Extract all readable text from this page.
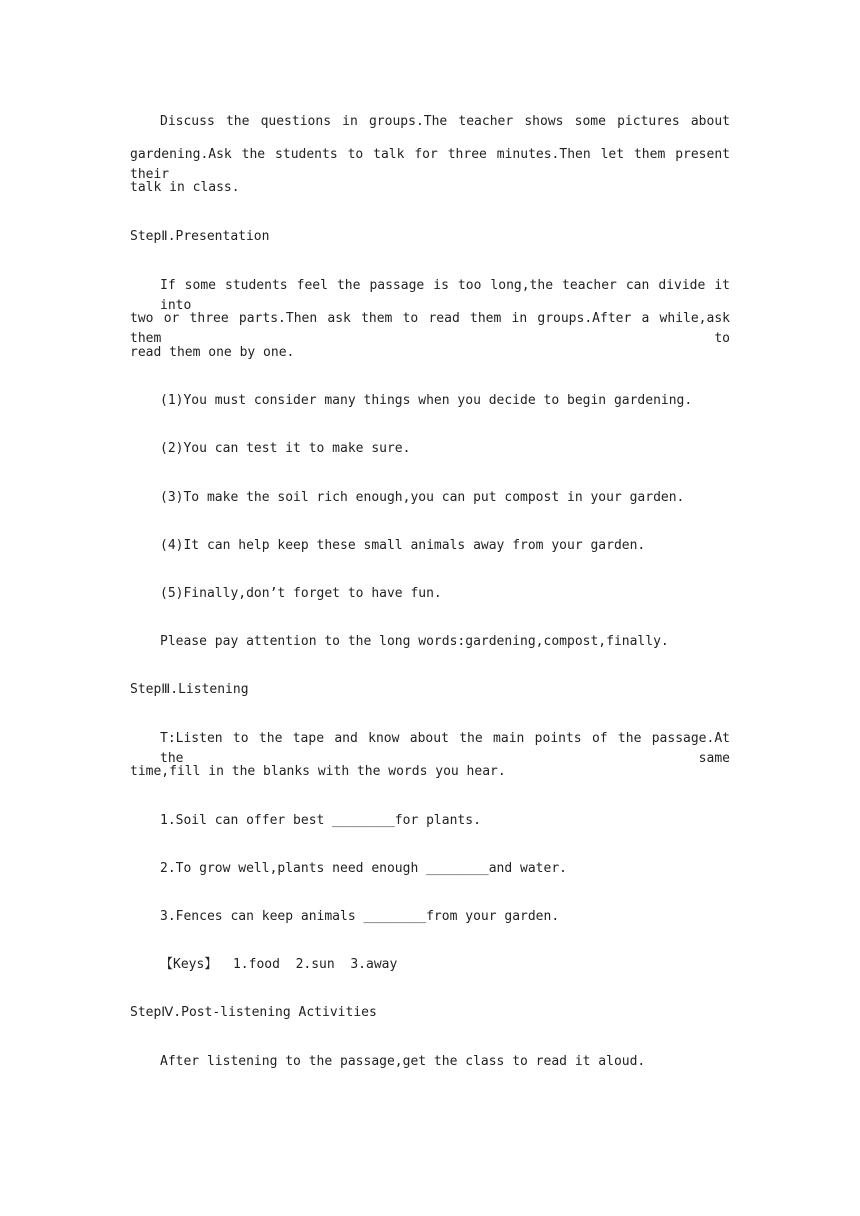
Discuss the questions in groups.The teacher shows some pictures about
gardening.Ask the students to talk for three minutes.Then let them present their
talk in class.
StepⅡ.Presentation
If some students feel the passage is too long,the teacher can divide it into
two or three parts.Then ask them to read them in groups.After a while,ask them to
read them one by one.
(1)You must consider many things when you decide to begin gardening.
(2)You can test it to make sure.
(3)To make the soil rich enough,you can put compost in your garden.
(4)It can help keep these small animals away from your garden.
(5)Finally,don’t forget to have fun.
Please pay attention to the long words:gardening,compost,finally.
StepⅢ.Listening
T:Listen to the tape and know about the main points of the passage.At the same
time,fill in the blanks with the words you hear.
1.Soil can offer best ________for plants.
2.To grow well,plants need enough ________and water.
3.Fences can keep animals ________from your garden.
【Keys】  1.food  2.sun  3.away
StepⅣ.Post-listening Activities
After listening to the passage,get the class to read it aloud.
